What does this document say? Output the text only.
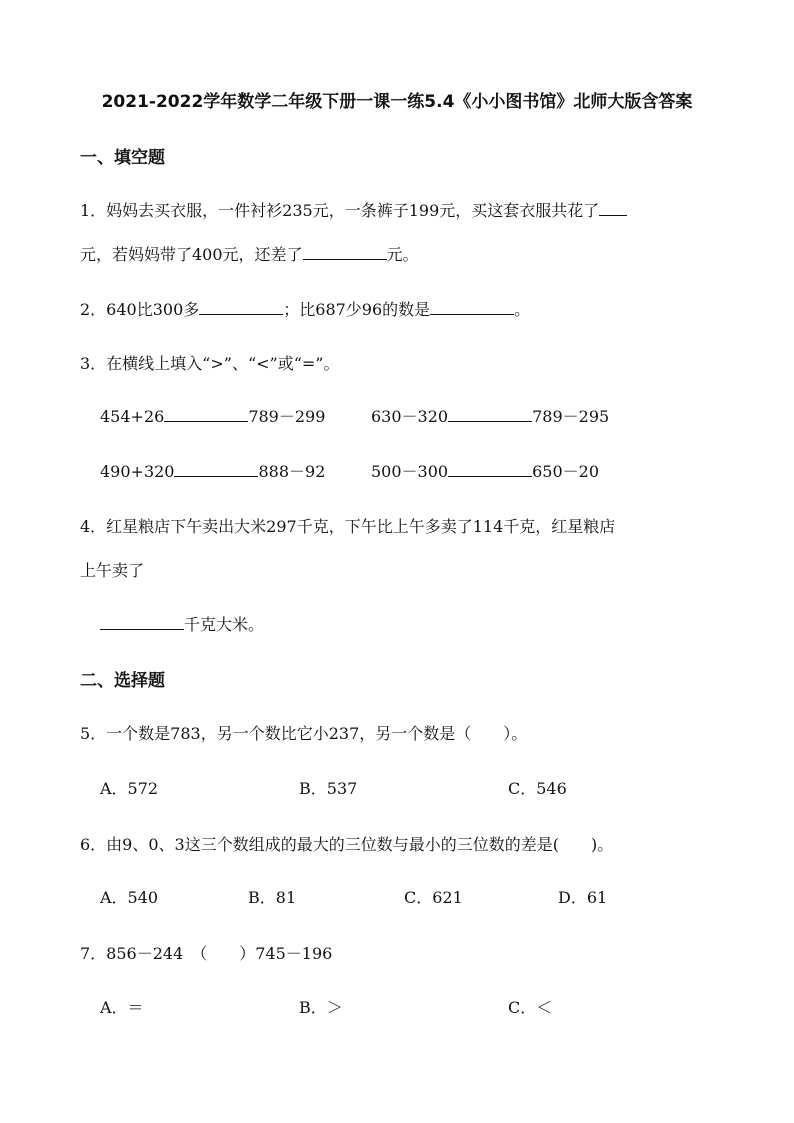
2021-2022学年数学二年级下册一课一练5.4《小小图书馆》北师大版含答案
一、填空题
1．妈妈去买衣服，一件衬衫235元，一条裤子199元，买这套衣服共花了
元，若妈妈带了400元，还差了	元。
2．640比300多	；比687少96的数是	。
3．在横线上填入“>”、“<”或“=”。
454+26	789－299	630－320	789－295
490+320	888－92	500－300	650－20
4．红星粮店下午卖出大米297千克，下午比上午多卖了114千克，红星粮店
上午卖了
千克大米。
二、选择题
5．一个数是783，另一个数比它小237，另一个数是（　　）。
A．572	B．537	C．546
6．由9、0、3这三个数组成的最大的三位数与最小的三位数的差是(　　)。
A．540	B．81	C．621	D．61
7．856－244　（　　）745－196
A．＝	B．＞	C．＜
